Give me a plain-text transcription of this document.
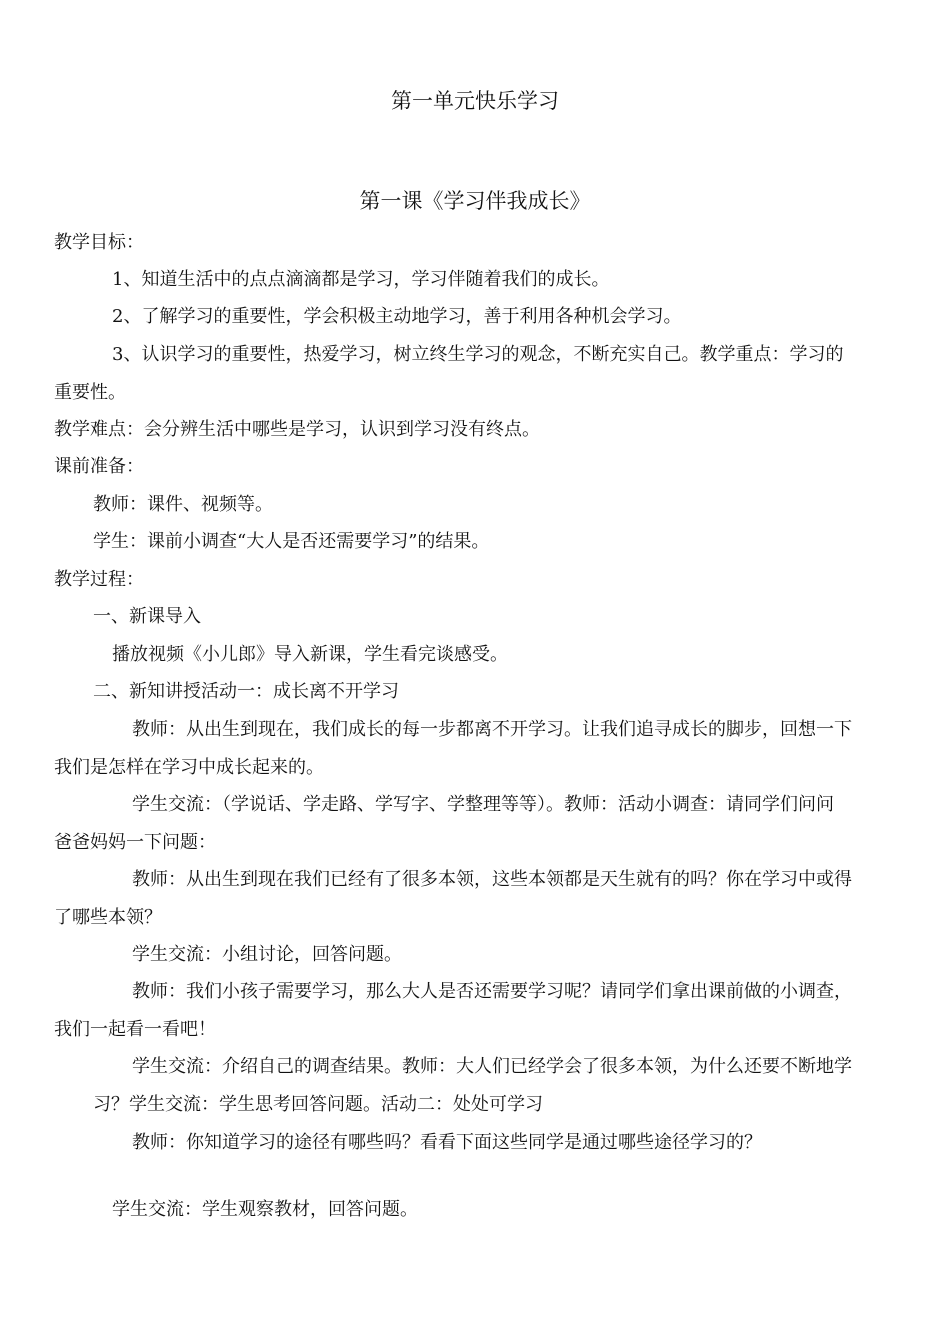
第一单元快乐学习
第一课《学习伴我成长》
教学目标：
1、知道生活中的点点滴滴都是学习，学习伴随着我们的成长。
2、了解学习的重要性，学会积极主动地学习，善于利用各种机会学习。
3、认识学习的重要性，热爱学习，树立终生学习的观念，不断充实自己。教学重点：学习的
重要性。
教学难点：会分辨生活中哪些是学习，认识到学习没有终点。
课前准备：
教师：课件、视频等。
学生：课前小调查“大人是否还需要学习”的结果。
教学过程：
一、新课导入
播放视频《小儿郎》导入新课，学生看完谈感受。
二、新知讲授活动一：成长离不开学习
教师：从出生到现在，我们成长的每一步都离不开学习。让我们追寻成长的脚步，回想一下
我们是怎样在学习中成长起来的。
学生交流：（学说话、学走路、学写字、学整理等等）。教师：活动小调查：请同学们问问
爸爸妈妈一下问题：
教师：从出生到现在我们已经有了很多本领，这些本领都是天生就有的吗？你在学习中或得
了哪些本领？
学生交流：小组讨论，回答问题。
教师：我们小孩子需要学习，那么大人是否还需要学习呢？请同学们拿出课前做的小调查，
我们一起看一看吧！
学生交流：介绍自己的调查结果。教师：大人们已经学会了很多本领，为什么还要不断地学
习？学生交流：学生思考回答问题。活动二：处处可学习
教师：你知道学习的途径有哪些吗？看看下面这些同学是通过哪些途径学习的？
学生交流：学生观察教材，回答问题。
